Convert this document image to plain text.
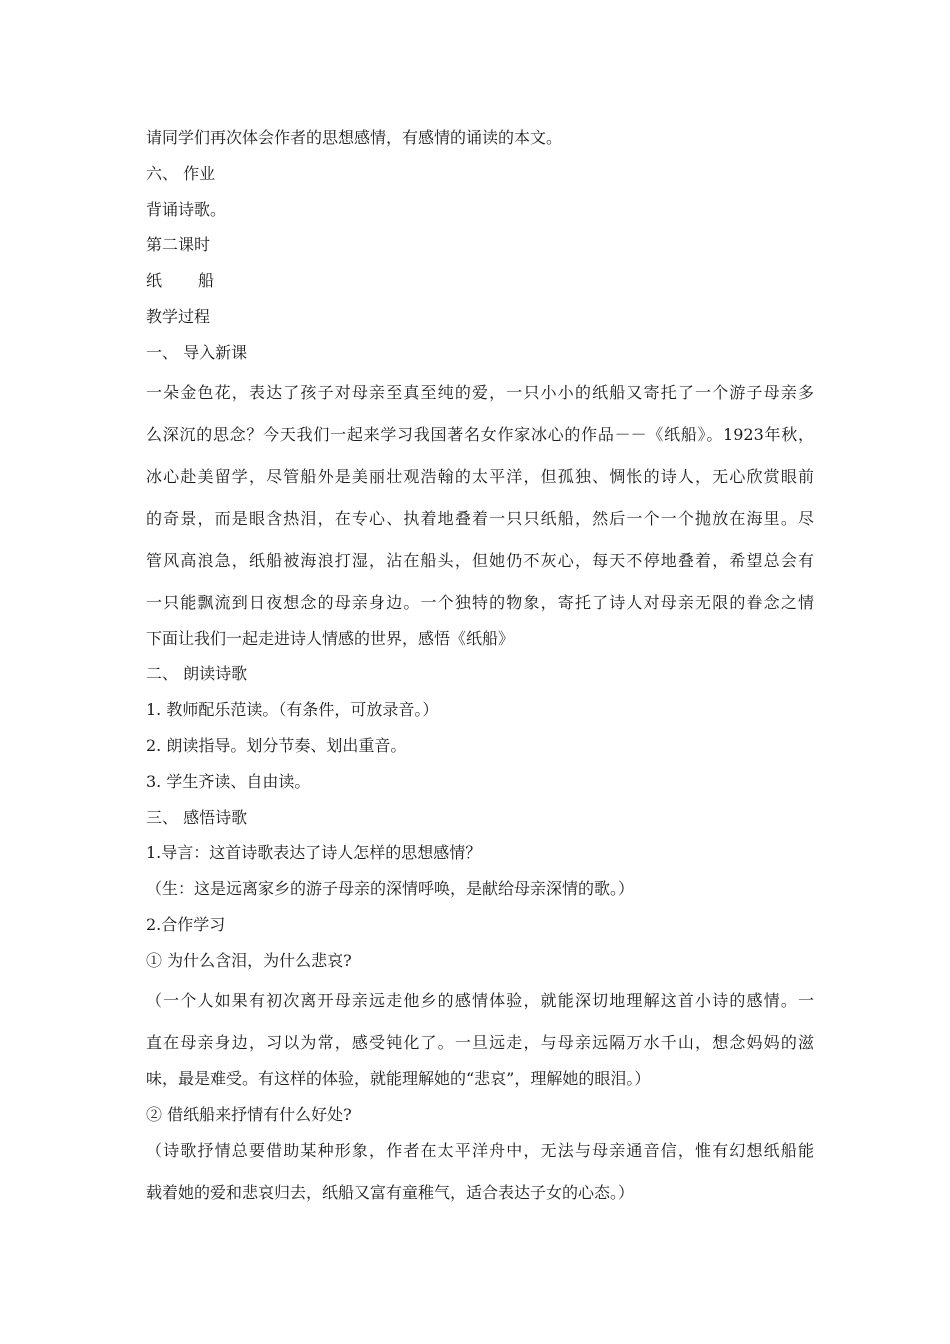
请同学们再次体会作者的思想感情，有感情的诵读的本文。
六、 作业
背诵诗歌。
第二课时
纸 船
教学过程
一、 导入新课
一朵金色花，表达了孩子对母亲至真至纯的爱，一只小小的纸船又寄托了一个游子母亲多
么深沉的思念？今天我们一起来学习我国著名女作家冰心的作品－－《纸船》。1923年秋，
冰心赴美留学，尽管船外是美丽壮观浩翰的太平洋，但孤独、惆怅的诗人，无心欣赏眼前
的奇景，而是眼含热泪，在专心、执着地叠着一只只纸船，然后一个一个抛放在海里。尽
管风高浪急，纸船被海浪打湿，沾在船头，但她仍不灰心，每天不停地叠着，希望总会有
一只能飘流到日夜想念的母亲身边。一个独特的物象，寄托了诗人对母亲无限的眷念之情
下面让我们一起走进诗人情感的世界，感悟《纸船》
二、 朗读诗歌
1. 教师配乐范读。（有条件，可放录音。）
2. 朗读指导。划分节奏、划出重音。
3. 学生齐读、自由读。
三、 感悟诗歌
1.导言：这首诗歌表达了诗人怎样的思想感情？
（生：这是远离家乡的游子母亲的深情呼唤，是献给母亲深情的歌。）
2.合作学习
① 为什么含泪，为什么悲哀?
（一个人如果有初次离开母亲远走他乡的感情体验，就能深切地理解这首小诗的感情。一
直在母亲身边，习以为常，感受钝化了。一旦远走，与母亲远隔万水千山，想念妈妈的滋
味，最是难受。有这样的体验，就能理解她的“悲哀”，理解她的眼泪。）
② 借纸船来抒情有什么好处?
（诗歌抒情总要借助某种形象，作者在太平洋舟中，无法与母亲通音信，惟有幻想纸船能
载着她的爱和悲哀归去，纸船又富有童稚气，适合表达子女的心态。）
